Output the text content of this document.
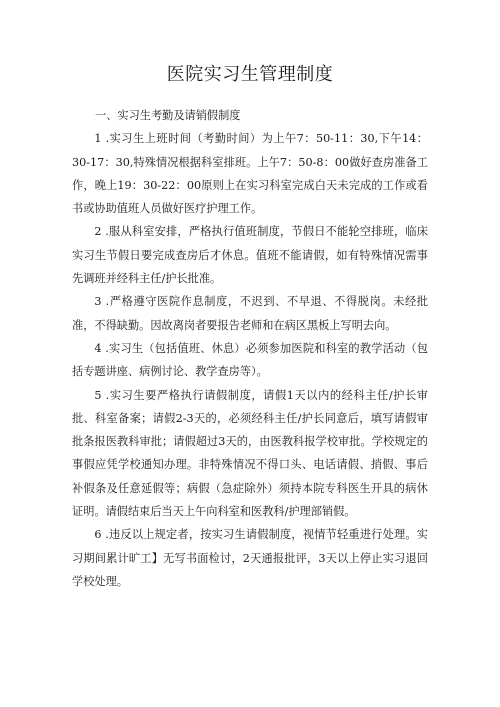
医院实习生管理制度

一、实习生考勤及请销假制度

1 .实习生上班时间（考勤时间）为上午7：50-11：30,下午14：30-17：30,特殊情况根据科室排班。上午7：50-8：00做好查房准备工作，晚上19：30-22：00原则上在实习科室完成白天未完成的工作或看书或协助值班人员做好医疗护理工作。

2 .服从科室安排，严格执行值班制度，节假日不能轮空排班，临床实习生节假日要完成查房后才休息。值班不能请假，如有特殊情况需事先调班并经科主任/护长批准。

3 .严格遵守医院作息制度，不迟到、不早退、不得脱岗。未经批准，不得缺勤。因故离岗者要报告老师和在病区黑板上写明去向。

4 .实习生（包括值班、休息）必须参加医院和科室的教学活动（包括专题讲座、病例讨论、教学查房等）。

5 .实习生要严格执行请假制度，请假1天以内的经科主任/护长审批、科室备案；请假2-3天的，必须经科主任/护长同意后，填写请假审批条报医教科审批；请假超过3天的，由医教科报学校审批。学校规定的事假应凭学校通知办理。非特殊情况不得口头、电话请假、捎假、事后补假条及任意延假等；病假（急症除外）须持本院专科医生开具的病休证明。请假结束后当天上午向科室和医教科/护理部销假。

6 .违反以上规定者，按实习生请假制度，视情节轻重进行处理。实习期间累计旷工】无写书面检讨，2天通报批评，3天以上停止实习退回学校处理。
